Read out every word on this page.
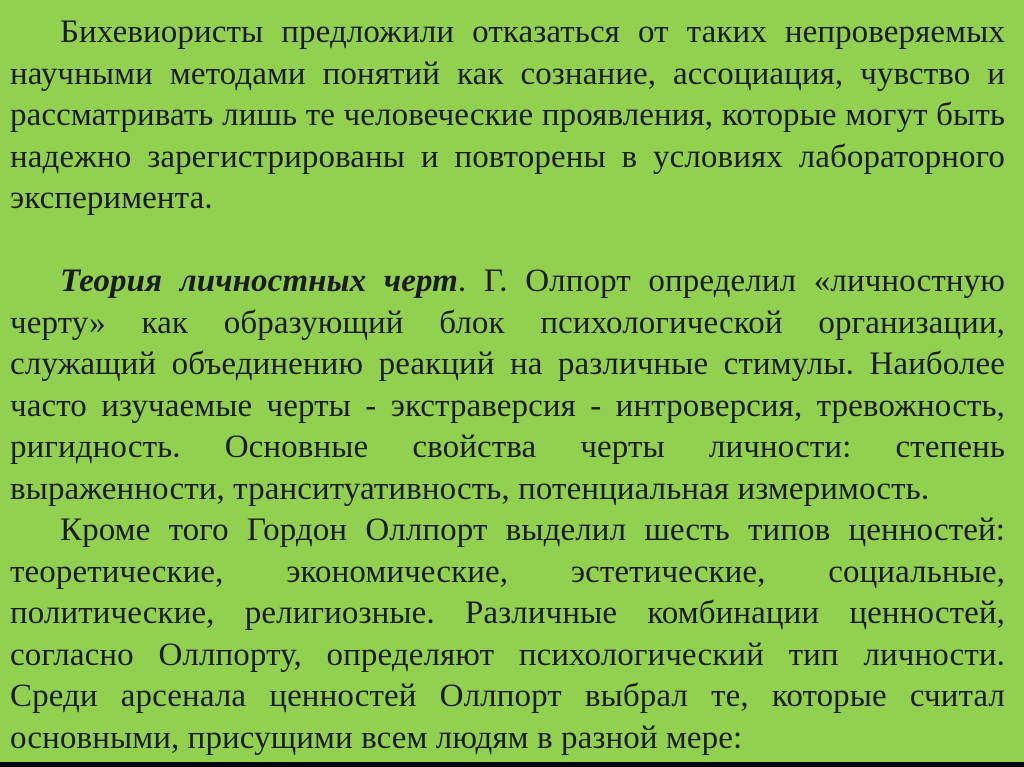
Бихевиористы предложили отказаться от таких непроверяемых научными методами понятий как сознание, ассоциация, чувство и рассматривать лишь те человеческие проявления, которые могут быть надежно зарегистрированы и повторены в условиях лабораторного эксперимента.

Теория личностных черт. Г. Олпорт определил «личностную черту» как образующий блок психологической организации, служащий объединению реакций на различные стимулы. Наиболее часто изучаемые черты - экстраверсия - интроверсия, тревожность, ригидность. Основные свойства черты личности: степень выраженности, транситуативность, потенциальная измеримость.

Кроме того Гордон Оллпорт выделил шесть типов ценностей: теоретические, экономические, эстетические, социальные, политические, религиозные. Различные комбинации ценностей, согласно Оллпорту, определяют психологический тип личности. Среди арсенала ценностей Оллпорт выбрал те, которые считал основными, присущими всем людям в разной мере:
